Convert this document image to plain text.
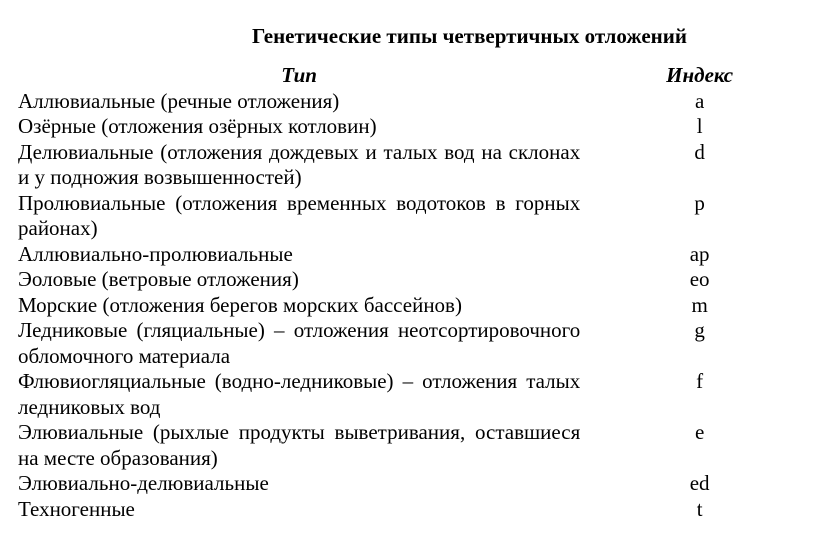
Генетические типы четвертичных отложений
Тип	Индекс
Аллювиальные (речные отложения)	a
Озёрные (отложения озёрных котловин)	l
Делювиальные (отложения дождевых и талых вод на склонах и у подножия возвышенностей)	d
Пролювиальные (отложения временных водотоков в горных районах)	p
Аллювиально-пролювиальные	ap
Эоловые (ветровые отложения)	eo
Морские (отложения берегов морских бассейнов)	m
Ледниковые (гляциальные) – отложения неотсортировочного обломочного материала	g
Флювиогляциальные (водно-ледниковые) – отложения талых ледниковых вод	f
Элювиальные (рыхлые продукты выветривания, оставшиеся на месте образования)	e
Элювиально-делювиальные	ed
Техногенные	t
